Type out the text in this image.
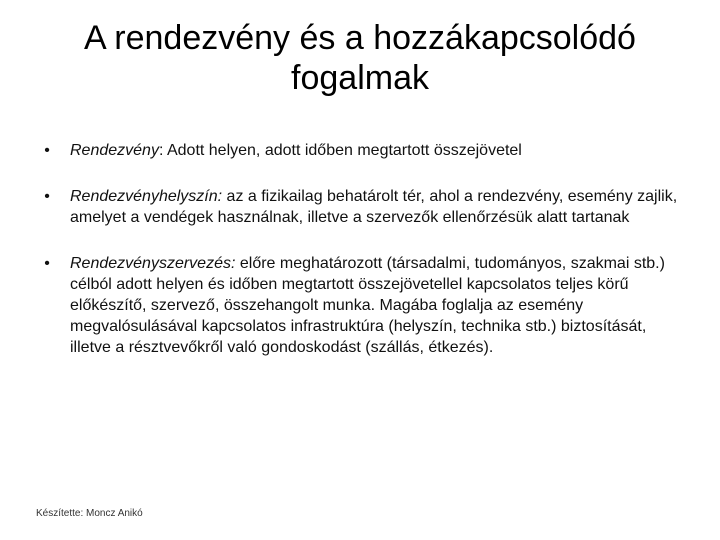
A rendezvény és a hozzákapcsolódó
fogalmak
• Rendezvény: Adott helyen, adott időben megtartott összejövetel
• Rendezvényhelyszín: az a fizikailag behatárolt tér, ahol a rendezvény, esemény zajlik, amelyet a vendégek használnak, illetve a szervezők ellenőrzésük alatt tartanak
• Rendezvényszervezés: előre meghatározott (társadalmi, tudományos, szakmai stb.) célból adott helyen és időben megtartott összejövetellel kapcsolatos teljes körű előkészítő, szervező, összehangolt munka. Magába foglalja az esemény megvalósulásával kapcsolatos infrastruktúra (helyszín, technika stb.) biztosítását, illetve a résztvevőkről való gondoskodást (szállás, étkezés).
Készítette: Moncz Anikó
